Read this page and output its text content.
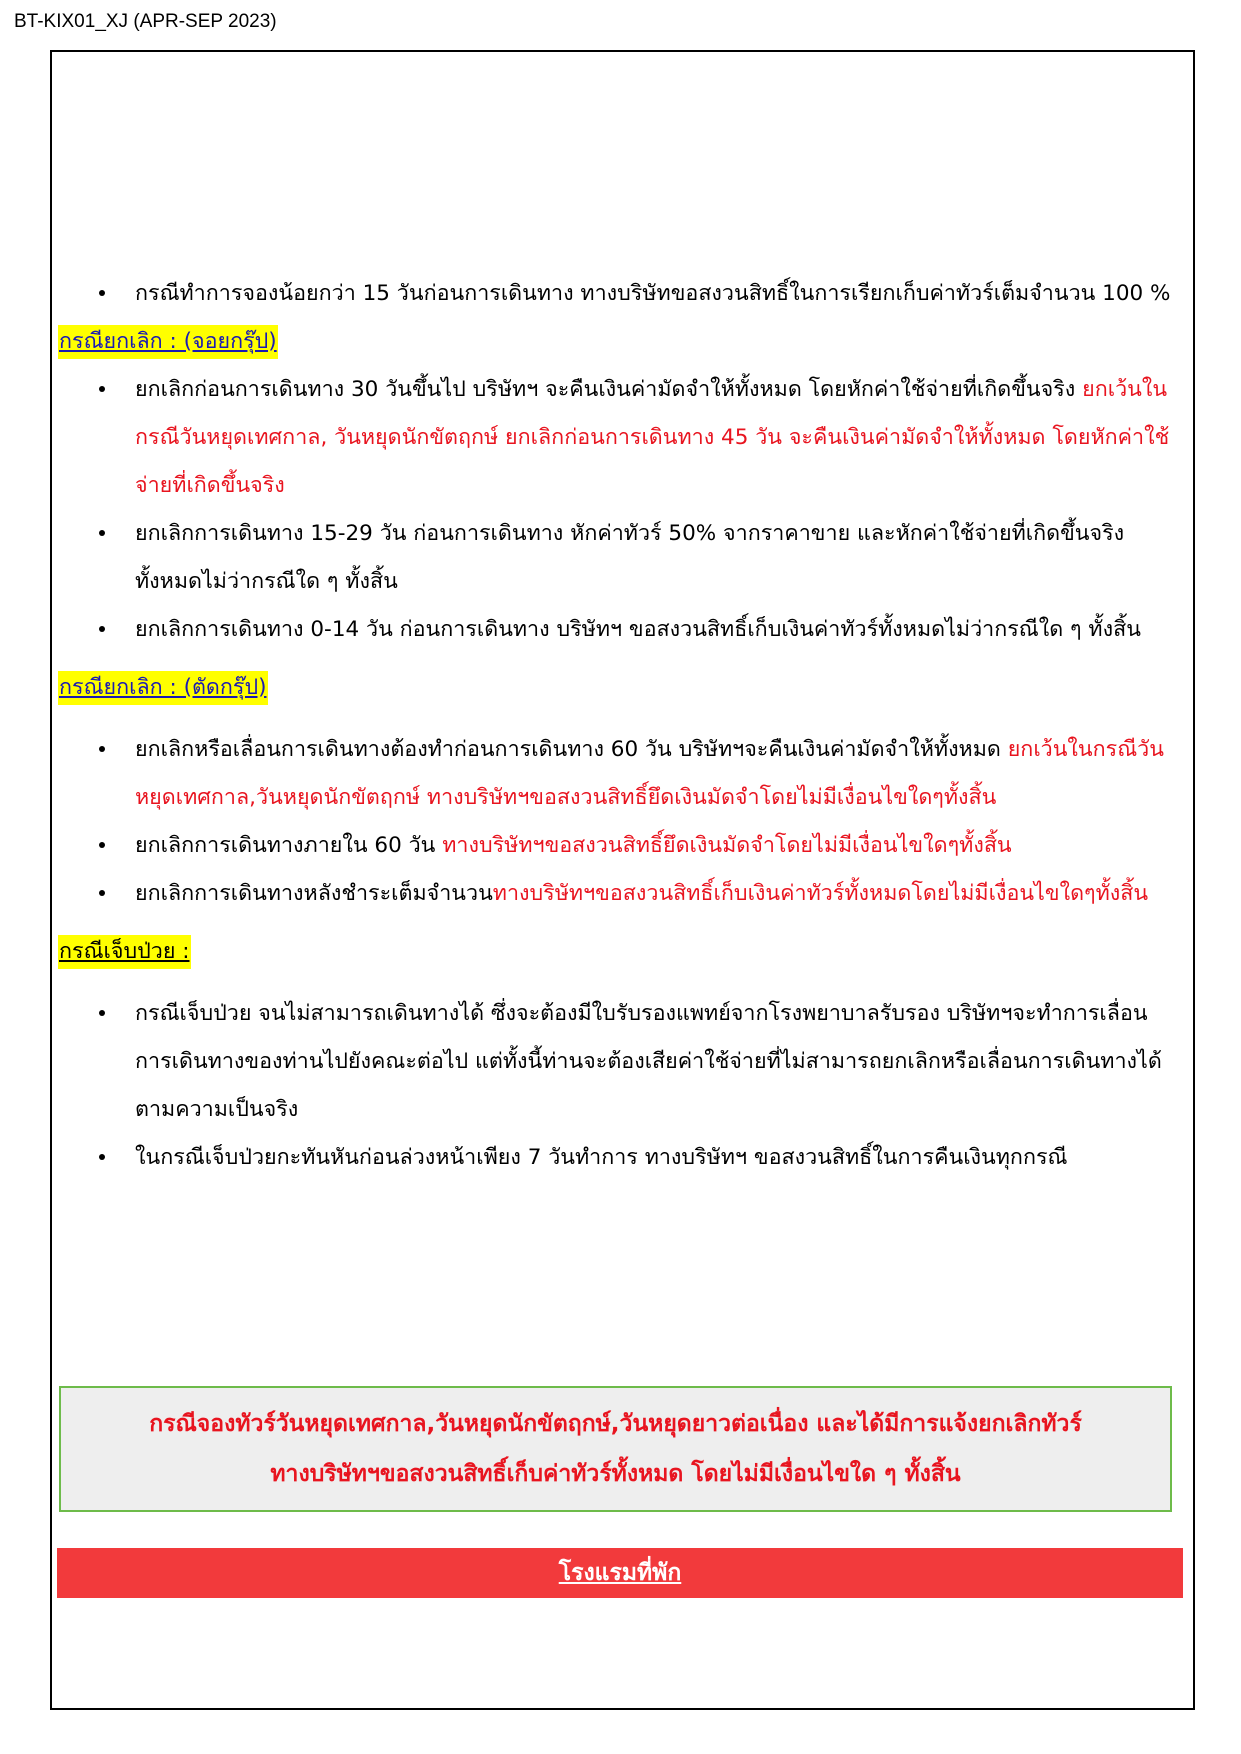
BT-KIX01_XJ (APR-SEP 2023)
กรณีทำการจองน้อยกว่า 15 วันก่อนการเดินทาง ทางบริษัทขอสงวนสิทธิ์ในการเรียกเก็บค่าทัวร์เต็มจำนวน 100 %
กรณียกเลิก : (จอยกรุ๊ป)
ยกเลิกก่อนการเดินทาง 30 วันขึ้นไป บริษัทฯ จะคืนเงินค่ามัดจำให้ทั้งหมด โดยหักค่าใช้จ่ายที่เกิดขึ้นจริง ยกเว้นในกรณีวันหยุดเทศกาล, วันหยุดนักขัตฤกษ์ ยกเลิกก่อนการเดินทาง 45 วัน จะคืนเงินค่ามัดจำให้ทั้งหมด โดยหักค่าใช้จ่ายที่เกิดขึ้นจริง
ยกเลิกการเดินทาง 15-29 วัน ก่อนการเดินทาง หักค่าทัวร์ 50% จากราคาขาย และหักค่าใช้จ่ายที่เกิดขึ้นจริงทั้งหมดไม่ว่ากรณีใด ๆ ทั้งสิ้น
ยกเลิกการเดินทาง 0-14 วัน ก่อนการเดินทาง บริษัทฯ ขอสงวนสิทธิ์เก็บเงินค่าทัวร์ทั้งหมดไม่ว่ากรณีใด ๆ ทั้งสิ้น
กรณียกเลิก : (ตัดกรุ๊ป)
ยกเลิกหรือเลื่อนการเดินทางต้องทำก่อนการเดินทาง 60 วัน บริษัทฯจะคืนเงินค่ามัดจำให้ทั้งหมด ยกเว้นในกรณีวันหยุดเทศกาล,วันหยุดนักขัตฤกษ์ ทางบริษัทฯขอสงวนสิทธิ์ยึดเงินมัดจำโดยไม่มีเงื่อนไขใดๆทั้งสิ้น
ยกเลิกการเดินทางภายใน 60 วัน ทางบริษัทฯขอสงวนสิทธิ์ยึดเงินมัดจำโดยไม่มีเงื่อนไขใดๆทั้งสิ้น
ยกเลิกการเดินทางหลังชำระเต็มจำนวนทางบริษัทฯขอสงวนสิทธิ์เก็บเงินค่าทัวร์ทั้งหมดโดยไม่มีเงื่อนไขใดๆทั้งสิ้น
กรณีเจ็บป่วย :
กรณีเจ็บป่วย จนไม่สามารถเดินทางได้ ซึ่งจะต้องมีใบรับรองแพทย์จากโรงพยาบาลรับรอง บริษัทฯจะทำการเลื่อนการเดินทางของท่านไปยังคณะต่อไป แต่ทั้งนี้ท่านจะต้องเสียค่าใช้จ่ายที่ไม่สามารถยกเลิกหรือเลื่อนการเดินทางได้ตามความเป็นจริง
ในกรณีเจ็บป่วยกะทันหันก่อนล่วงหน้าเพียง 7 วันทำการ ทางบริษัทฯ ขอสงวนสิทธิ์ในการคืนเงินทุกกรณี
กรณีจองทัวร์วันหยุดเทศกาล,วันหยุดนักขัตฤกษ์,วันหยุดยาวต่อเนื่อง และได้มีการแจ้งยกเลิกทัวร์
ทางบริษัทฯขอสงวนสิทธิ์เก็บค่าทัวร์ทั้งหมด โดยไม่มีเงื่อนไขใด ๆ ทั้งสิ้น
โรงแรมที่พัก
